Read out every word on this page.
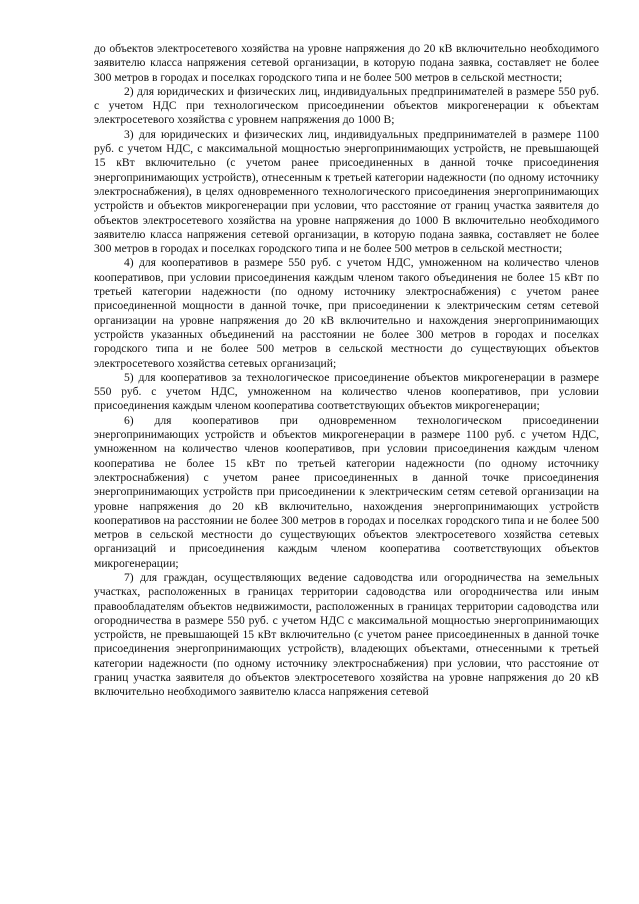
до объектов электросетевого хозяйства на уровне напряжения до 20 кВ включительно необходимого заявителю класса напряжения сетевой организации, в которую подана заявка, составляет не более 300 метров в городах и поселках городского типа и не более 500 метров в сельской местности;

2) для юридических и физических лиц, индивидуальных предпринимателей в размере 550 руб. с учетом НДС при технологическом присоединении объектов микрогенерации к объектам электросетевого хозяйства с уровнем напряжения до 1000 В;

3) для юридических и физических лиц, индивидуальных предпринимателей в размере 1100 руб. с учетом НДС, с максимальной мощностью энергопринимающих устройств, не превышающей 15 кВт включительно (с учетом ранее присоединенных в данной точке присоединения энергопринимающих устройств), отнесенным к третьей категории надежности (по одному источнику электроснабжения), в целях одновременного технологического присоединения энергопринимающих устройств и объектов микрогенерации при условии, что расстояние от границ участка заявителя до объектов электросетевого хозяйства на уровне напряжения до 1000 В включительно необходимого заявителю класса напряжения сетевой организации, в которую подана заявка, составляет не более 300 метров в городах и поселках городского типа и не более 500 метров в сельской местности;

4) для кооперативов в размере 550 руб. с учетом НДС, умноженном на количество членов кооперативов, при условии присоединения каждым членом такого объединения не более 15 кВт по третьей категории надежности (по одному источнику электроснабжения) с учетом ранее присоединенной мощности в данной точке, при присоединении к электрическим сетям сетевой организации на уровне напряжения до 20 кВ включительно и нахождения энергопринимающих устройств указанных объединений на расстоянии не более 300 метров в городах и поселках городского типа и не более 500 метров в сельской местности до существующих объектов электросетевого хозяйства сетевых организаций;

5) для кооперативов за технологическое присоединение объектов микрогенерации в размере 550 руб. с учетом НДС, умноженном на количество членов кооперативов, при условии присоединения каждым членом кооператива соответствующих объектов микрогенерации;

6) для кооперативов при одновременном технологическом присоединении энергопринимающих устройств и объектов микрогенерации в размере 1100 руб. с учетом НДС, умноженном на количество членов кооперативов, при условии присоединения каждым членом кооператива не более 15 кВт по третьей категории надежности (по одному источнику электроснабжения) с учетом ранее присоединенных в данной точке присоединения энергопринимающих устройств при присоединении к электрическим сетям сетевой организации на уровне напряжения до 20 кВ включительно, нахождения энергопринимающих устройств кооперативов на расстоянии не более 300 метров в городах и поселках городского типа и не более 500 метров в сельской местности до существующих объектов электросетевого хозяйства сетевых организаций и присоединения каждым членом кооператива соответствующих объектов микрогенерации;

7) для граждан, осуществляющих ведение садоводства или огородничества на земельных участках, расположенных в границах территории садоводства или огородничества или иным правообладателям объектов недвижимости, расположенных в границах территории садоводства или огородничества в размере 550 руб. с учетом НДС с максимальной мощностью энергопринимающих устройств, не превышающей 15 кВт включительно (с учетом ранее присоединенных в данной точке присоединения энергопринимающих устройств), владеющих объектами, отнесенными к третьей категории надежности (по одному источнику электроснабжения) при условии, что расстояние от границ участка заявителя до объектов электросетевого хозяйства на уровне напряжения до 20 кВ включительно необходимого заявителю класса напряжения сетевой
